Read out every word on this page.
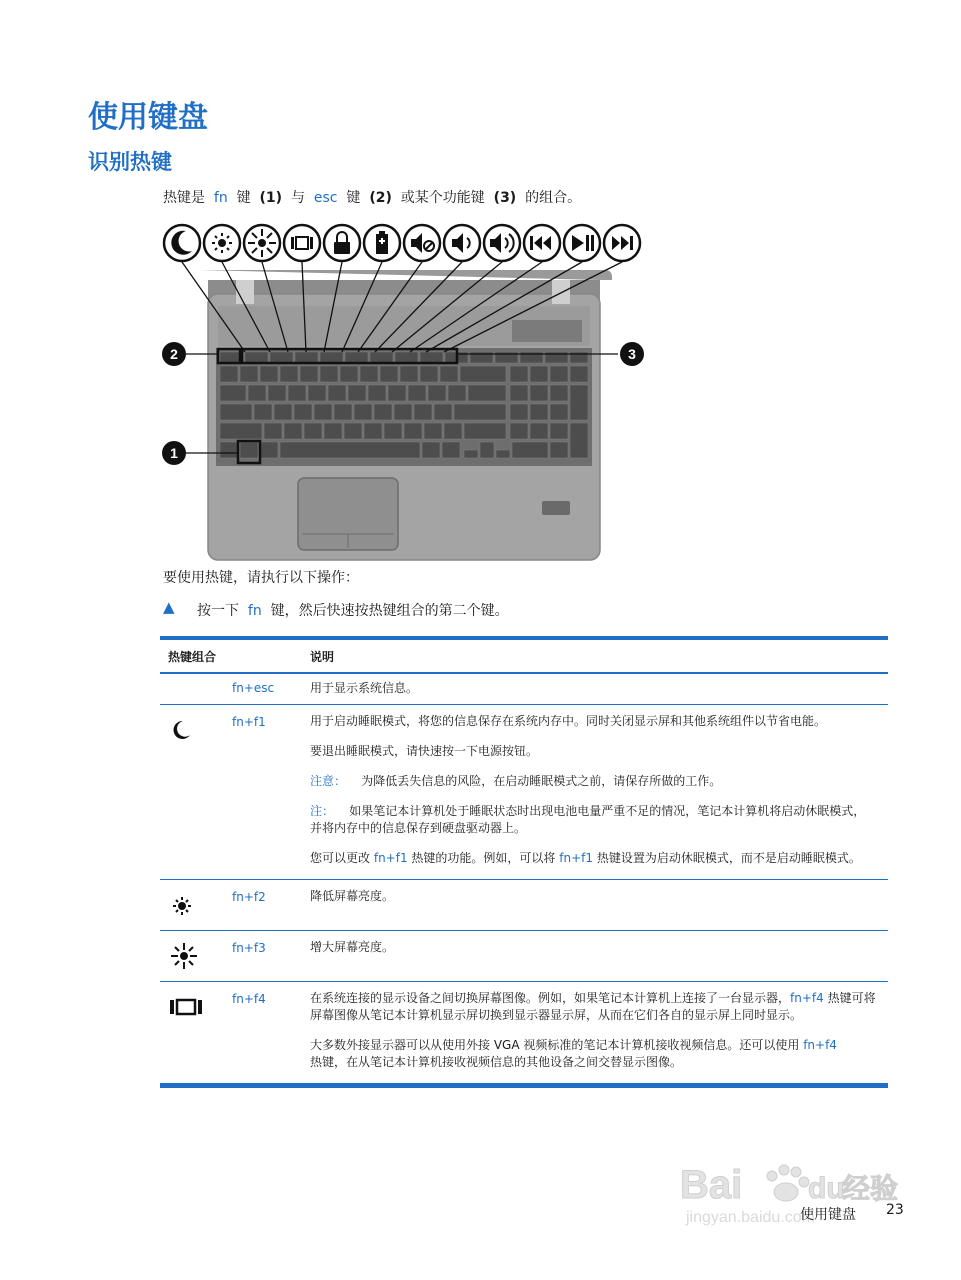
使用键盘
识别热键
热键是 fn 键 (1) 与 esc 键 (2) 或某个功能键 (3) 的组合。
2	3
1
要使用热键，请执行以下操作：
▲ 按一下 fn 键，然后快速按热键组合的第二个键。
热键组合	说明
fn+esc	用于显示系统信息。

fn+f1	用于启动睡眠模式，将您的信息保存在系统内存中。同时关闭显示屏和其他系统组件以节省电能。

要退出睡眠模式，请快速按一下电源按钮。

注意： 为降低丢失信息的风险，在启动睡眠模式之前，请保存所做的工作。

注： 如果笔记本计算机处于睡眠状态时出现电池电量严重不足的情况，笔记本计算机将启动休眠模式，并将内存中的信息保存到硬盘驱动器上。

您可以更改 fn+f1 热键的功能。例如，可以将 fn+f1 热键设置为启动休眠模式，而不是启动睡眠模式。

fn+f2	降低屏幕亮度。

fn+f3	增大屏幕亮度。

fn+f4	在系统连接的显示设备之间切换屏幕图像。例如，如果笔记本计算机上连接了一台显示器，fn+f4 热键可将屏幕图像从笔记本计算机显示屏切换到显示器显示屏，从而在它们各自的显示屏上同时显示。

大多数外接显示器可以从使用外接 VGA 视频标准的笔记本计算机接收视频信息。还可以使用 fn+f4
热键，在从笔记本计算机接收视频信息的其他设备之间交替显示图像。

Bai du
经验
jingyan.baidu.com
使用键盘 23
